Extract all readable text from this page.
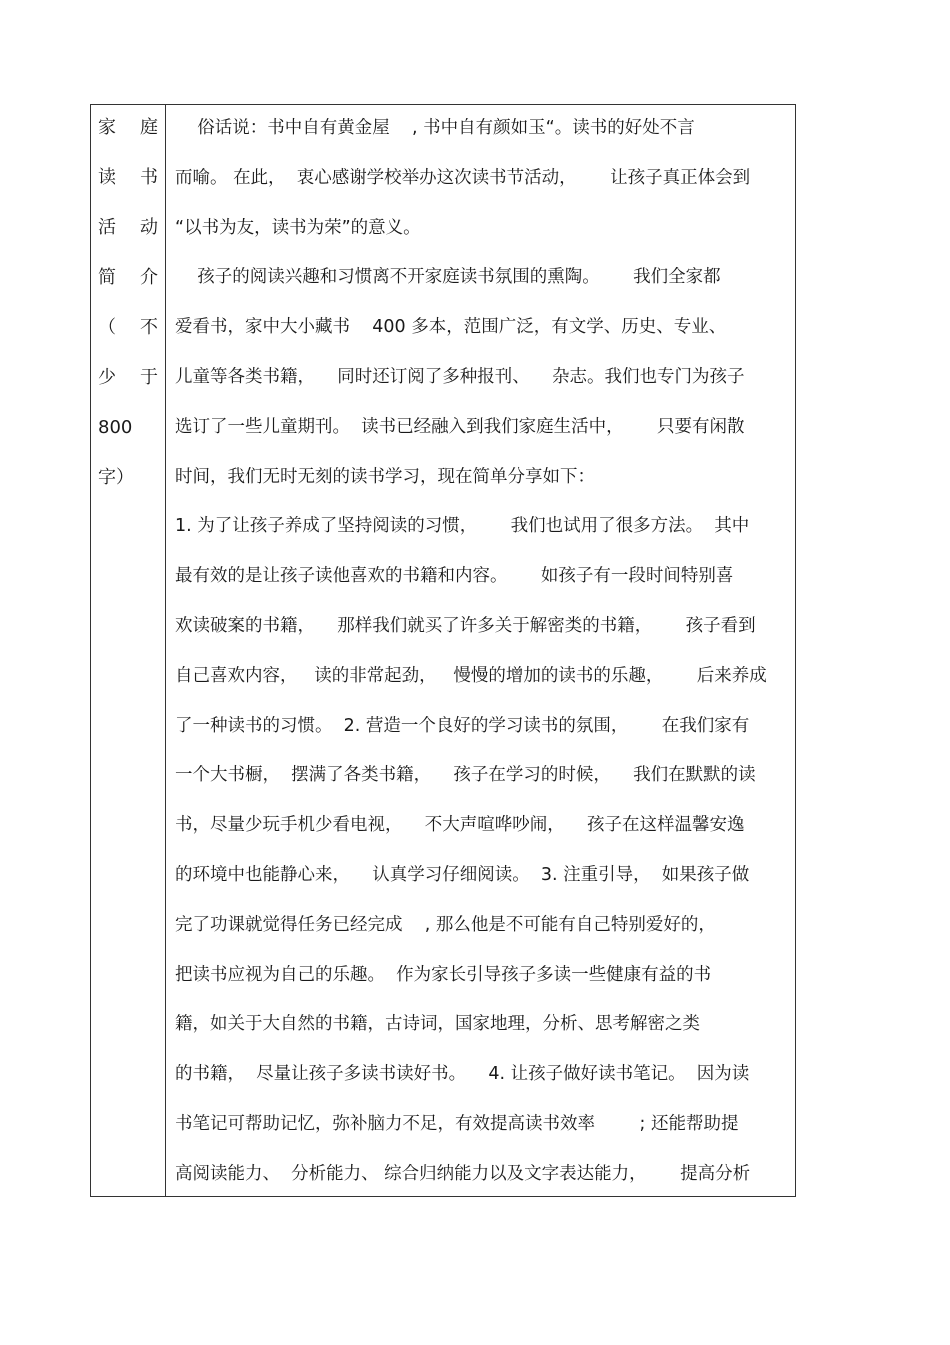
家 庭
读 书
活 动
简 介
（ 不
少 于
800
字）
俗话说：书中自有黄金屋    , 书中自有颜如玉“。读书的好处不言
而喻。 在此，  衷心感谢学校举办这次读书节活动，      让孩子真正体会到
“以书为友，读书为荣”的意义。
孩子的阅读兴趣和习惯离不开家庭读书氛围的熏陶。      我们全家都
爱看书，家中大小藏书    400 多本，范围广泛，有文学、历史、专业、
儿童等各类书籍，    同时还订阅了多种报刊、    杂志。我们也专门为孩子
选订了一些儿童期刊。  读书已经融入到我们家庭生活中，      只要有闲散
时间，我们无时无刻的读书学习，现在简单分享如下：
1. 为了让孩子养成了坚持阅读的习惯，      我们也试用了很多方法。  其中
最有效的是让孩子读他喜欢的书籍和内容。      如孩子有一段时间特别喜
欢读破案的书籍，    那样我们就买了许多关于解密类的书籍，      孩子看到
自己喜欢内容，   读的非常起劲，   慢慢的增加的读书的乐趣，      后来养成
了一种读书的习惯。  2. 营造一个良好的学习读书的氛围，      在我们家有
一个大书橱，  摆满了各类书籍，    孩子在学习的时候，    我们在默默的读
书，尽量少玩手机少看电视，    不大声喧哗吵闹，    孩子在这样温馨安逸
的环境中也能静心来，    认真学习仔细阅读。  3. 注重引导，  如果孩子做
完了功课就觉得任务已经完成    , 那么他是不可能有自己特别爱好的，
把读书应视为自己的乐趣。  作为家长引导孩子多读一些健康有益的书
籍，如关于大自然的书籍，古诗词，国家地理，分析、思考解密之类
的书籍，  尽量让孩子多读书读好书。    4. 让孩子做好读书笔记。  因为读
书笔记可帮助记忆，弥补脑力不足，有效提高读书效率        ; 还能帮助提
高阅读能力、  分析能力、 综合归纳能力以及文字表达能力，      提高分析
